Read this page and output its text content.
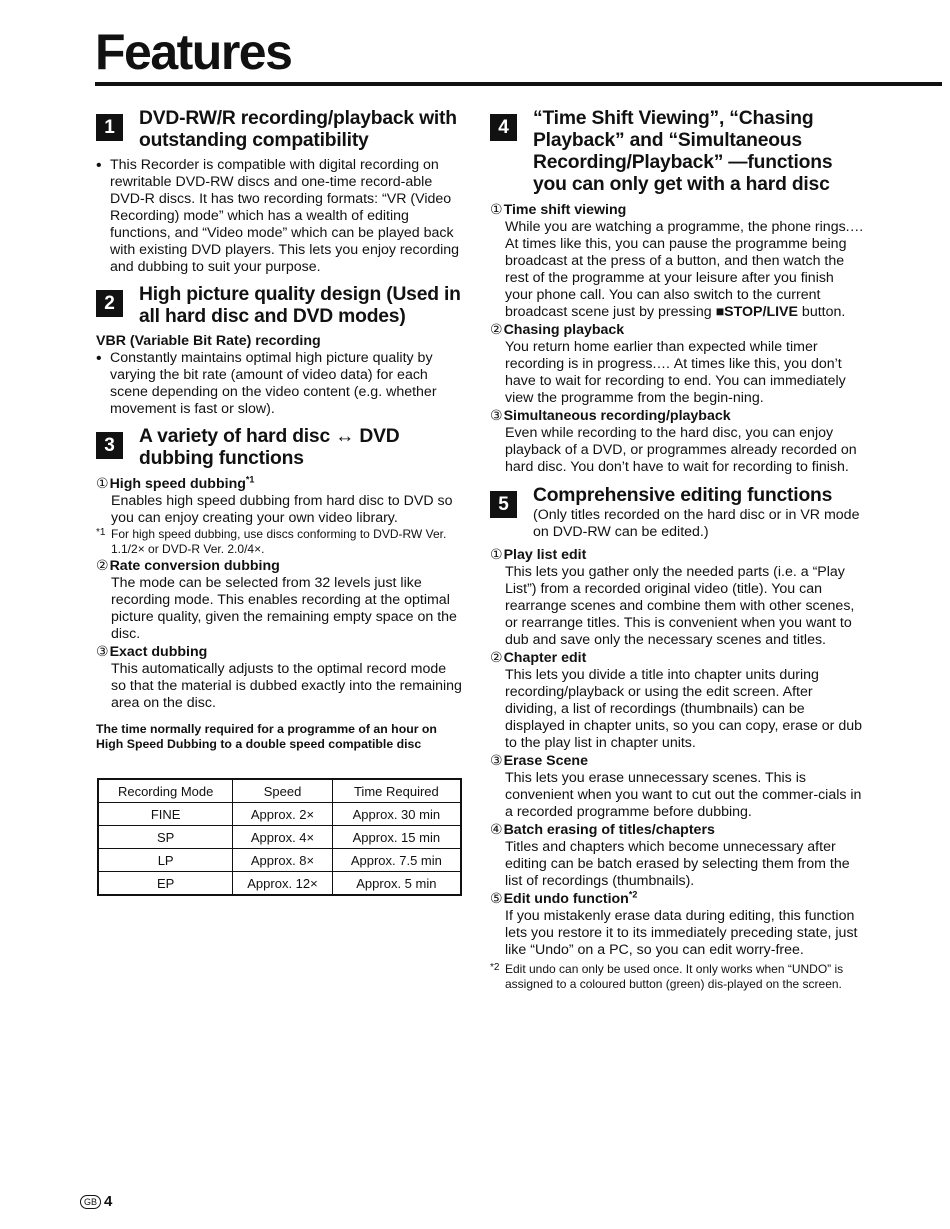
Features
1	DVD-RW/R recording/playback with outstanding compatibility
• This Recorder is compatible with digital recording on rewritable DVD-RW discs and one-time record-able DVD-R discs. It has two recording formats: “VR (Video Recording) mode” which has a wealth of editing functions, and “Video mode” which can be played back with existing DVD players. This lets you enjoy recording and dubbing to suit your purpose.

2	High picture quality design (Used in all hard disc and DVD modes)

VBR (Variable Bit Rate) recording

• Constantly maintains optimal high picture quality by varying the bit rate (amount of video data) for each scene depending on the video content (e.g. whether movement is fast or slow).

3	A variety of hard disc ↔ DVD dubbing functions

①High speed dubbing$^{*1}$

Enables high speed dubbing from hard disc to DVD so you can enjoy creating your own video library.

*1 For high speed dubbing, use discs conforming to DVD-RW Ver. 1.1/2× or DVD-R Ver. 2.0/4×.

②Rate conversion dubbing

The mode can be selected from 32 levels just like recording mode. This enables recording at the optimal picture quality, given the remaining empty space on the disc.

③Exact dubbing

This automatically adjusts to the optimal record mode so that the material is dubbed exactly into the remaining area on the disc.

The time normally required for a programme of an hour on High Speed Dubbing to a double speed compatible disc

Recording Mode	Speed	Time Required
FINE	Approx. 2×	Approx. 30 min
SP	Approx. 4×	Approx. 15 min
LP	Approx. 8×	Approx. 7.5 min
EP	Approx. 12×	Approx. 5 min
4	“Time Shift Viewing”, “Chasing Playback” and “Simultaneous Recording/Playback” —functions you can only get with a hard disc

①Time shift viewing

While you are watching a programme, the phone rings.… At times like this, you can pause the programme being broadcast at the press of a button, and then watch the rest of the programme at your leisure after you finish your phone call. You can also switch to the current broadcast scene just by pressing ■STOP/LIVE button.

②Chasing playback

You return home earlier than expected while timer recording is in progress.… At times like this, you don’t have to wait for recording to end. You can immediately view the programme from the begin-ning.

③Simultaneous recording/playback

Even while recording to the hard disc, you can enjoy playback of a DVD, or programmes already recorded on hard disc. You don’t have to wait for recording to finish.

5	Comprehensive editing functions

(Only titles recorded on the hard disc or in VR mode on DVD-RW can be edited.)

①Play list edit

This lets you gather only the needed parts (i.e. a “Play List”) from a recorded original video (title). You can rearrange scenes and combine them with other scenes, or rearrange titles. This is convenient when you want to dub and save only the necessary scenes and titles.

②Chapter edit

This lets you divide a title into chapter units during recording/playback or using the edit screen. After dividing, a list of recordings (thumbnails) can be displayed in chapter units, so you can copy, erase or dub to the play list in chapter units.

③Erase Scene

This lets you erase unnecessary scenes. This is convenient when you want to cut out the commer-cials in a recorded programme before dubbing.

④Batch erasing of titles/chapters

Titles and chapters which become unnecessary after editing can be batch erased by selecting them from the list of recordings (thumbnails).

⑤Edit undo function$^{*2}$

If you mistakenly erase data during editing, this function lets you restore it to its immediately preceding state, just like “Undo” on a PC, so you can edit worry-free.

*2 Edit undo can only be used once. It only works when “UNDO” is assigned to a coloured button (green) dis-played on the screen.
GB 4
